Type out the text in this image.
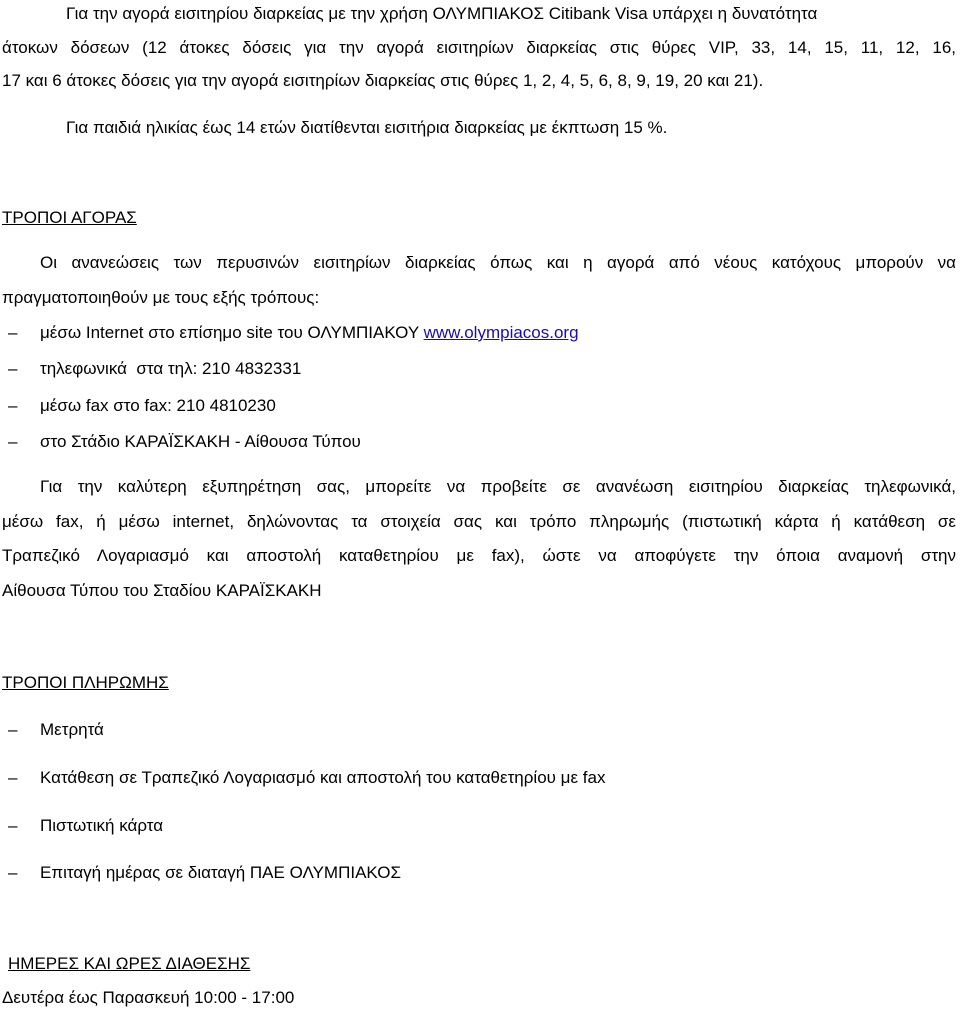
Για την αγορά εισιτηρίου διαρκείας με την χρήση ΟΛΥΜΠΙΑΚΟΣ Citibank Visa υπάρχει η δυνατότητα
άτοκων δόσεων (12 άτοκες δόσεις για την αγορά εισιτηρίων διαρκείας στις θύρες VIP, 33, 14, 15, 11, 12, 16,
17 και 6 άτοκες δόσεις για την αγορά εισιτηρίων διαρκείας στις θύρες 1, 2, 4, 5, 6, 8, 9, 19, 20 και 21).
Για παιδιά ηλικίας έως 14 ετών διατίθενται εισιτήρια διαρκείας με έκπτωση 15 %.
ΤΡΟΠΟΙ ΑΓΟΡΑΣ
Οι ανανεώσεις των περυσινών εισιτηρίων διαρκείας όπως και η αγορά από νέους κατόχους μπορούν να
πραγματοποιηθούν με τους εξής τρόπους:
– μέσω Internet στο επίσημο site του ΟΛΥΜΠΙΑΚΟΥ www.olympiacos.org
– τηλεφωνικά  στα τηλ: 210 4832331
– μέσω fax στο fax: 210 4810230
– στο Στάδιο ΚΑΡΑΪΣΚΑΚΗ - Αίθουσα Τύπου
Για την καλύτερη εξυπηρέτηση σας, μπορείτε να προβείτε σε ανανέωση εισιτηρίου διαρκείας τηλεφωνικά,
μέσω fax, ή μέσω internet, δηλώνοντας τα στοιχεία σας και τρόπο πληρωμής (πιστωτική κάρτα ή κατάθεση σε
Τραπεζικό Λογαριασμό και αποστολή καταθετηρίου με fax), ώστε να αποφύγετε την όποια αναμονή στην
Αίθουσα Τύπου του Σταδίου ΚΑΡΑΪΣΚΑΚΗ
ΤΡΟΠΟΙ ΠΛΗΡΩΜΗΣ
– Μετρητά
– Κατάθεση σε Τραπεζικό Λογαριασμό και αποστολή του καταθετηρίου με fax
– Πιστωτική κάρτα
– Επιταγή ημέρας σε διαταγή ΠΑΕ ΟΛΥΜΠΙΑΚΟΣ
ΗΜΕΡΕΣ ΚΑΙ ΩΡΕΣ ΔΙΑΘΕΣΗΣ
Δευτέρα έως Παρασκευή 10:00 - 17:00
